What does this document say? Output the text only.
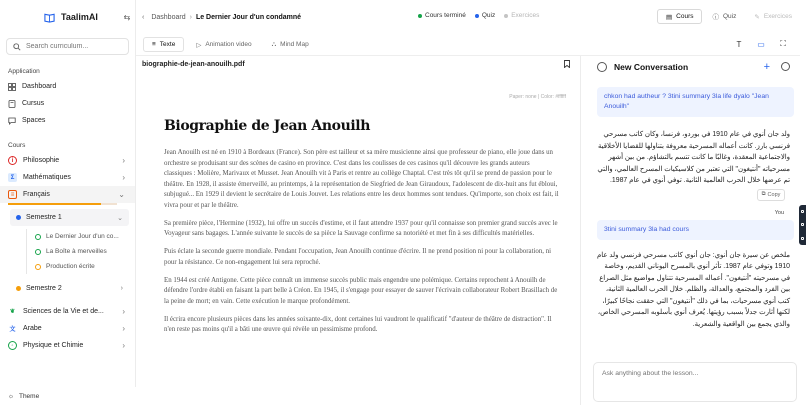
TaalimAI	⇆
Search curriculum...
Application
Dashboard
Cursus
Spaces
Cours
i	Philosophie	›
Σ	Mathématiques	›
≡	Français	⌄
Semestre 1	⌄
Le Dernier Jour d'un co...
La Boîte à merveilles
Production écrite
Semestre 2	›
❦ Sciences de la Vie et de... ›
文 Arabe	›
◦	Physique et Chimie	›
☼ Theme
‹ Dashboard › Le Dernier Jour d'un condamné	Cours terminé Quiz Exercices	▤ Cours	ⓘ Quiz	✎ Exercices
≡ Texte	▷ Animation video	⛬ Mind Map	T	▭ ⛶
biographie-de-jean-anouilh.pdf
Paper: none | Color: #ffffff
Biographie de Jean Anouilh

Jean Anouilh est né en 1910 à Bordeaux (France). Son père est tailleur et sa mère musicienne ainsi que professeur de piano, elle joue dans un orchestre se produisant sur des scènes de casino en province. C'est dans les coulisses de ces casinos qu'il découvre les grands auteurs classiques : Molière, Marivaux et Musset. Jean Anouilh vit à Paris et rentre au collège Chaptal. C'est très tôt qu'il se prend de passion pour le théâtre. En 1928, il assiste émerveillé, au printemps, à la représentation de Siegfried de Jean Giraudoux, l'adolescent de dix-huit ans fut ébloui, subjugué... En 1929 il devient le secrétaire de Louis Jouvet. Les relations entre les deux hommes sont tendues. Qu'importe, son choix est fait, il vivra pour et par le théâtre.

Sa première pièce, l'Hermine (1932), lui offre un succès d'estime, et il faut attendre 1937 pour qu'il connaisse son premier grand succès avec le Voyageur sans bagages. L'année suivante le succès de sa pièce la Sauvage confirme sa notoriété et met fin à ses difficultés matérielles.

Puis éclate la seconde guerre mondiale. Pendant l'occupation, Jean Anouilh continue d'écrire. Il ne prend position ni pour la collaboration, ni pour la résistance. Ce non-engagement lui sera reproché.

En 1944 est créé Antigone. Cette pièce connaît un immense succès public mais engendre une polémique. Certains reprochent à Anouilh de défendre l'ordre établi en faisant la part belle à Créon. En 1945, il s'engage pour essayer de sauver l'écrivain collaborateur Robert Brasillach de la peine de mort; en vain. Cette exécution le marque profondément.

Il écrira encore plusieurs pièces dans les années soixante-dix, dont certaines lui vaudront le qualificatif "d'auteur de théâtre de distraction". Il n'en reste pas moins qu'il a bâti une œuvre qui révèle un pessimisme profond.

New Conversation	+
chkon had autheur ? 3tini summary 3la life dyalo "Jean Anouilh"
ولد جان أنوي في عام 1910 في بوردو، فرنسا، وكان كاتب مسرحي فرنسي بارز. كانت أعماله المسرحية معروفة بتناولها للقضايا الأخلاقية والاجتماعية المعقدة، وغالبًا ما كانت تتسم بالتشاؤم. من بين أشهر مسرحياته "أنتيغون" التي تعتبر من كلاسيكيات المسرح العالمي، والتي تم عرضها خلال الحرب العالمية الثانية. توفي أنوي في عام 1987.
⧉ Copy
You
3tini summary 3la had cours
ملخص عن سيرة جان أنوي: جان أنوي كاتب مسرحي فرنسي ولد عام 1910 وتوفي عام 1987. تأثر أنوي بالمسرح اليوناني القديم، وخاصة في مسرحيته "أنتيغون". أعماله المسرحية تتناول مواضيع مثل الصراع بين الفرد والمجتمع، والعدالة، والظلم. خلال الحرب العالمية الثانية، كتب أنوي مسرحيات، بما في ذلك "أنتيغون" التي حققت نجاحًا كبيرًا، لكنها أثارت جدلاً بسبب رؤيتها. يُعرف أنوي بأسلوبه المسرحي الخاص، والذي يجمع بين الواقعية والشعرية.
Ask anything about the lesson...
